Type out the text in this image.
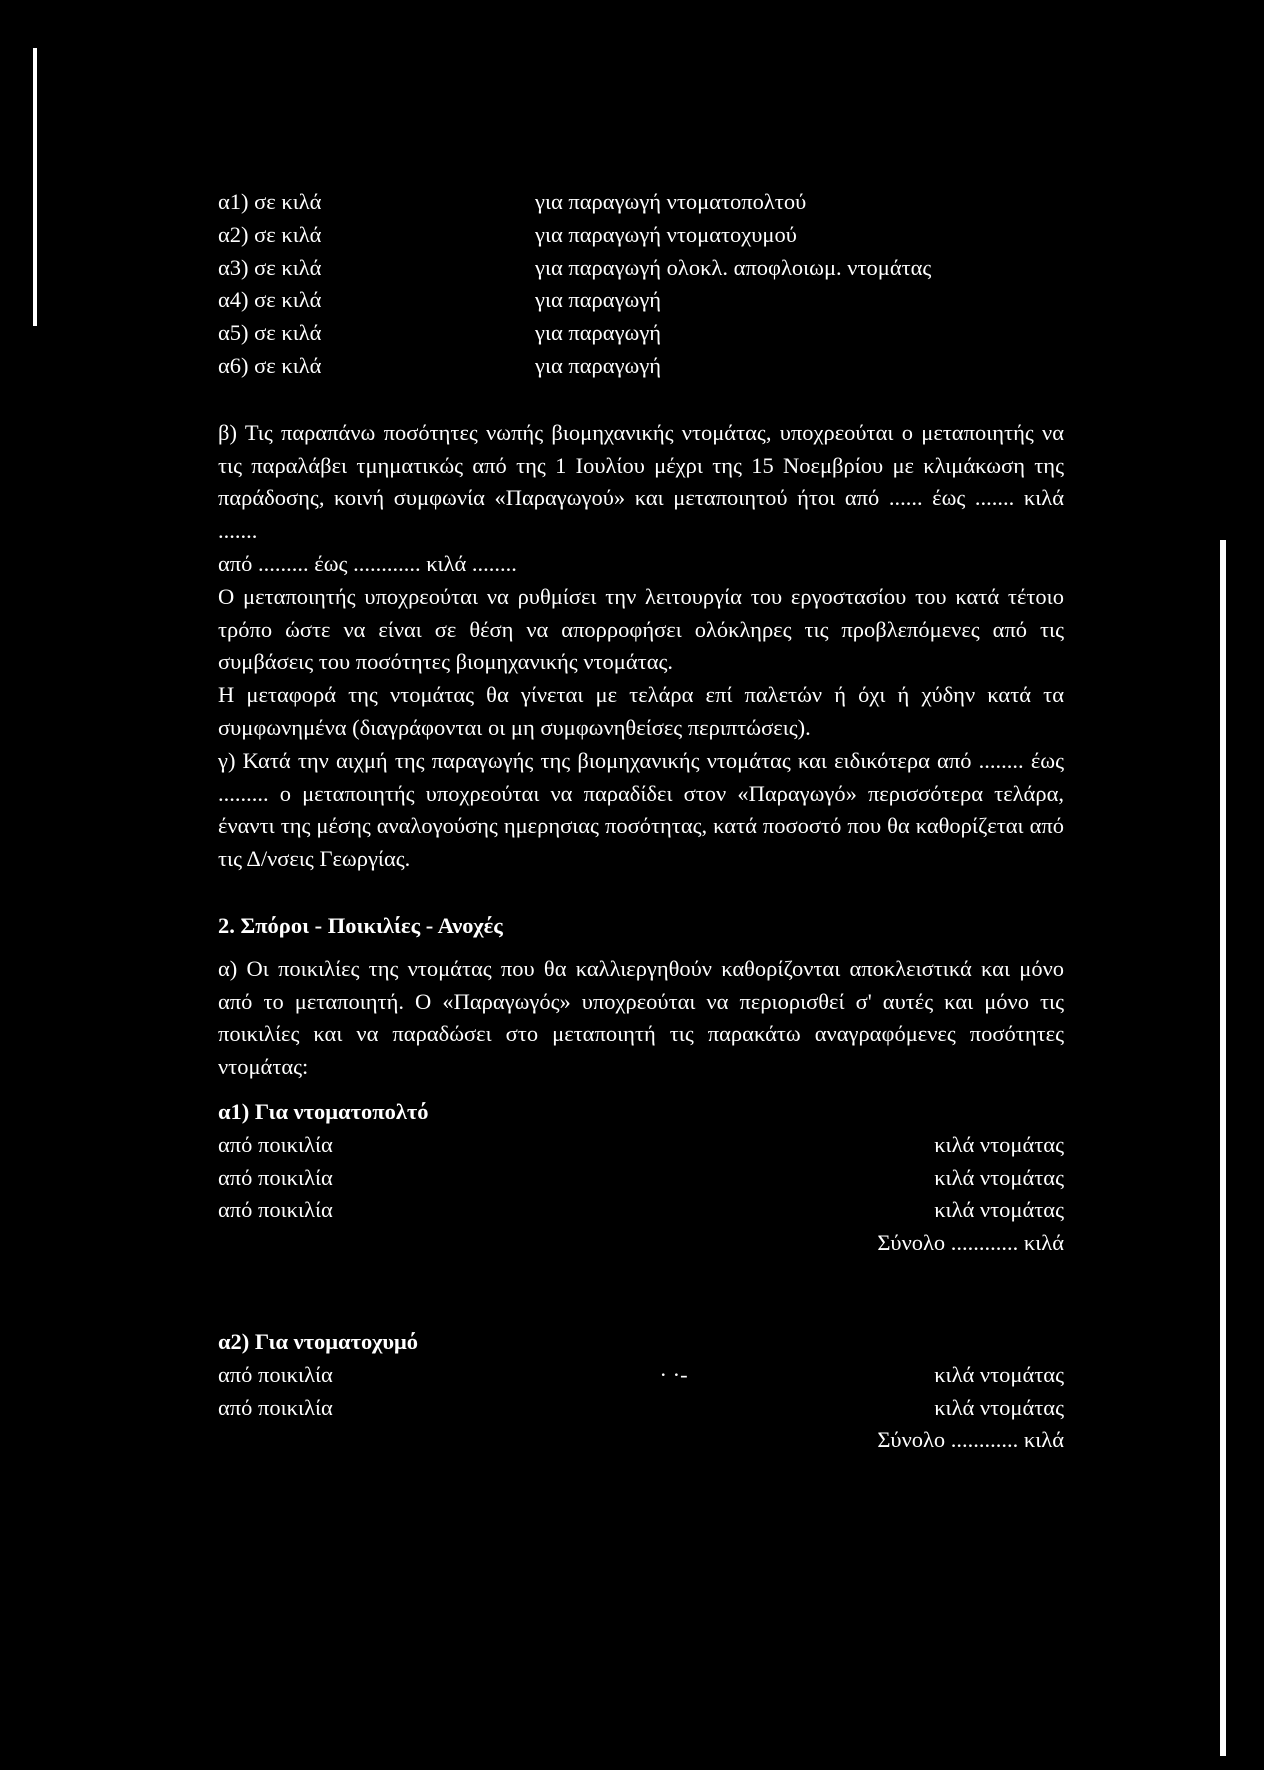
α1) σε κιλά	για παραγωγή ντοματοπολτού
α2) σε κιλά	για παραγωγή ντοματοχυμού
α3) σε κιλά	για παραγωγή ολοκλ. αποφλοιωμ. ντομάτας
α4) σε κιλά	για παραγωγή
α5) σε κιλά	για παραγωγή
α6) σε κιλά	για παραγωγή
β) Τις παραπάνω ποσότητες νωπής βιομηχανικής ντομάτας, υποχρεούται ο μεταποιητής να τις παραλάβει τμηματικώς από της 1 Ιουλίου μέχρι της 15 Νοεμβρίου με κλιμάκωση της παράδοσης, κοινή συμφωνία «Παραγωγού» και μεταποιητού ήτοι από ...... έως ....... κιλά .......
από ......... έως ............ κιλά ........
Ο μεταποιητής υποχρεούται να ρυθμίσει την λειτουργία του εργοστασίου του κατά τέτοιο τρόπο ώστε να είναι σε θέση να απορροφήσει ολόκληρες τις προβλεπόμενες από τις συμβάσεις του ποσότητες βιομηχανικής ντομάτας.
Η μεταφορά της ντομάτας θα γίνεται με τελάρα επί παλετών ή όχι ή χύδην κατά τα συμφωνημένα (διαγράφονται οι μη συμφωνηθείσες περιπτώσεις).
γ) Κατά την αιχμή της παραγωγής της βιομηχανικής ντομάτας και ειδικότερα από ........ έως ......... ο μεταποιητής υποχρεούται να παραδίδει στον «Παραγωγό» περισσότερα τελάρα, έναντι της μέσης αναλογούσης ημερησιας ποσότητας, κατά ποσοστό που θα καθορίζεται από τις Δ/νσεις Γεωργίας.
2. Σπόροι - Ποικιλίες - Ανοχές
α) Οι ποικιλίες της ντομάτας που θα καλλιεργηθούν καθορίζονται αποκλειστικά και μόνο από το μεταποιητή. Ο «Παραγωγός» υποχρεούται να περιορισθεί σ' αυτές και μόνο τις ποικιλίες και να παραδώσει στο μεταποιητή τις παρακάτω αναγραφόμενες ποσότητες ντομάτας:
α1) Για ντοματοπολτό
από ποικιλία	κιλά ντομάτας
από ποικιλία	κιλά ντομάτας
από ποικιλία	κιλά ντομάτας
Σύνολο ............ κιλά
α2) Για ντοματοχυμό
από ποικιλία	· ·-	κιλά ντομάτας
από ποικιλία	κιλά ντομάτας
Σύνολο ............ κιλά
